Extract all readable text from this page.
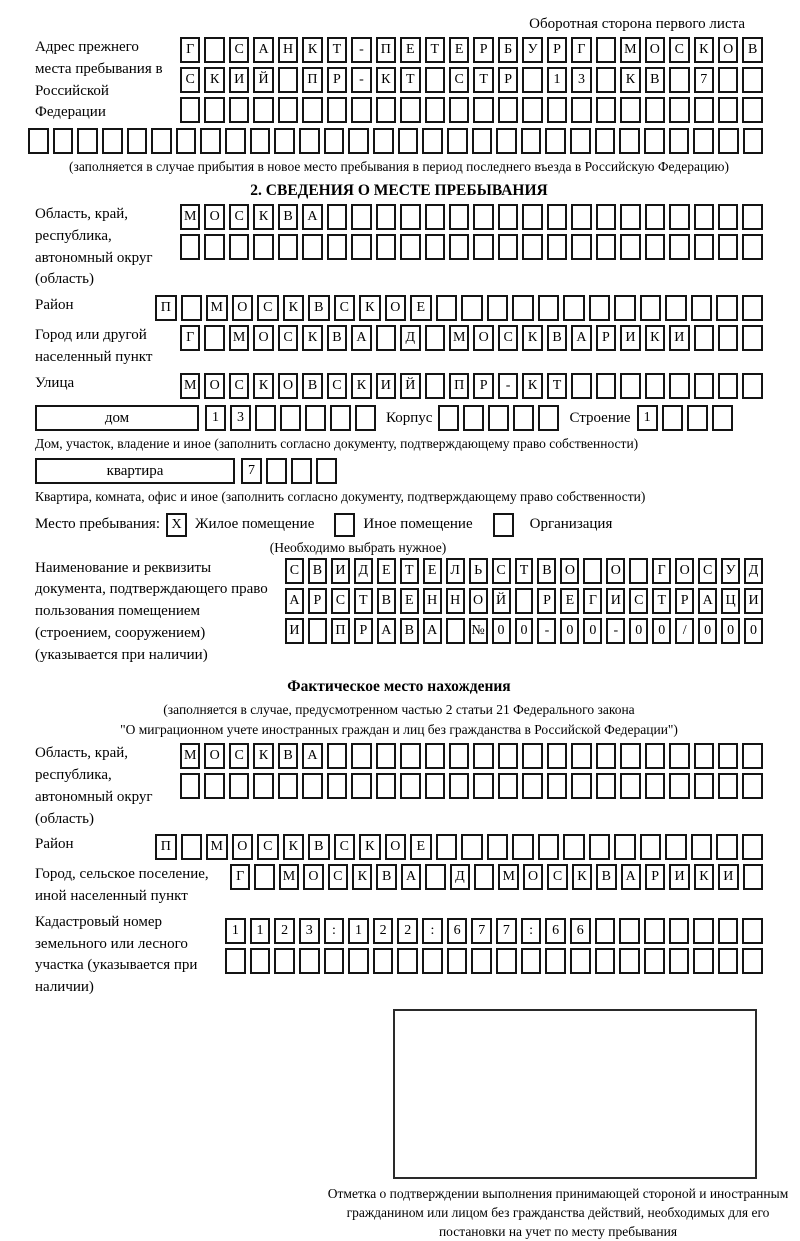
Оборотная сторона первого листа
Адрес прежнего места пребывания в Российской Федерации
Г	С	А	Н	К	Т	-	П	Е	Т	Е	Р	Б	У	Р	Г	М О	С	К	О	В
С	К	И	Й	П	Р	-	К	Т	С	Т	Р	1	3	К	В	7
(заполняется в случае прибытия в новое место пребывания в период последнего въезда в Российскую Федерацию)
2. СВЕДЕНИЯ О МЕСТЕ ПРЕБЫВАНИЯ
Область, край, республика, автономный округ (область)
М О	С	К	В	А
Район	П	М	О	С	К	В	С	К	О	Е
Город или другой населенный пункт
Г	М О	С	К	В	А	Д	М О	С	К	В	А	Р	И	К	И
Улица	М О	С	К	О	В	С	К	И	Й	П	Р	-	К	Т
дом	1	3	Корпус	Строение 1
Дом, участок, владение и иное (заполнить согласно документу, подтверждающему право собственности)
квартира	7
Квартира, комната, офис и иное (заполнить согласно документу, подтверждающему право собственности)
Место пребывания: X Жилое помещение	Иное помещение	Организация
(Необходимо выбрать нужное)
Наименование и реквизиты документа, подтверждающего право пользования помещением (строением, сооружением) (указывается при наличии)
С В И Д Е	Т	Е Л	Ь	С	Т	В О	О	Г О С У Д
А	Р	С	Т	В	Е Н Н О Й	Р	Е	Г И С	Т	Р А Ц И
И	П	Р А В А	№ 0	0	-	0	0	-	0	0	/	0	0	0
Фактическое место нахождения
(заполняется в случае, предусмотренном частью 2 статьи 21 Федерального закона
"О миграционном учете иностранных граждан и лиц без гражданства в Российской Федерации")
Область, край, республика, автономный округ (область)
М О	С	К	В	А
Район	П	М	О	С	К	В	С	К	О	Е
Город, сельское поселение, иной населенный пункт
Г	М О	С	К	В	А	Д	М О	С	К	В	А	Р	И	К	И
Кадастровый номер земельного или лесного участка (указывается при наличии)
1	1	2	3	:	1	2	2	:	6	7	7	:	6	6
Отметка о подтверждении выполнения принимающей стороной и иностранным гражданином или лицом без гражданства действий, необходимых для его постановки на учет по месту пребывания
